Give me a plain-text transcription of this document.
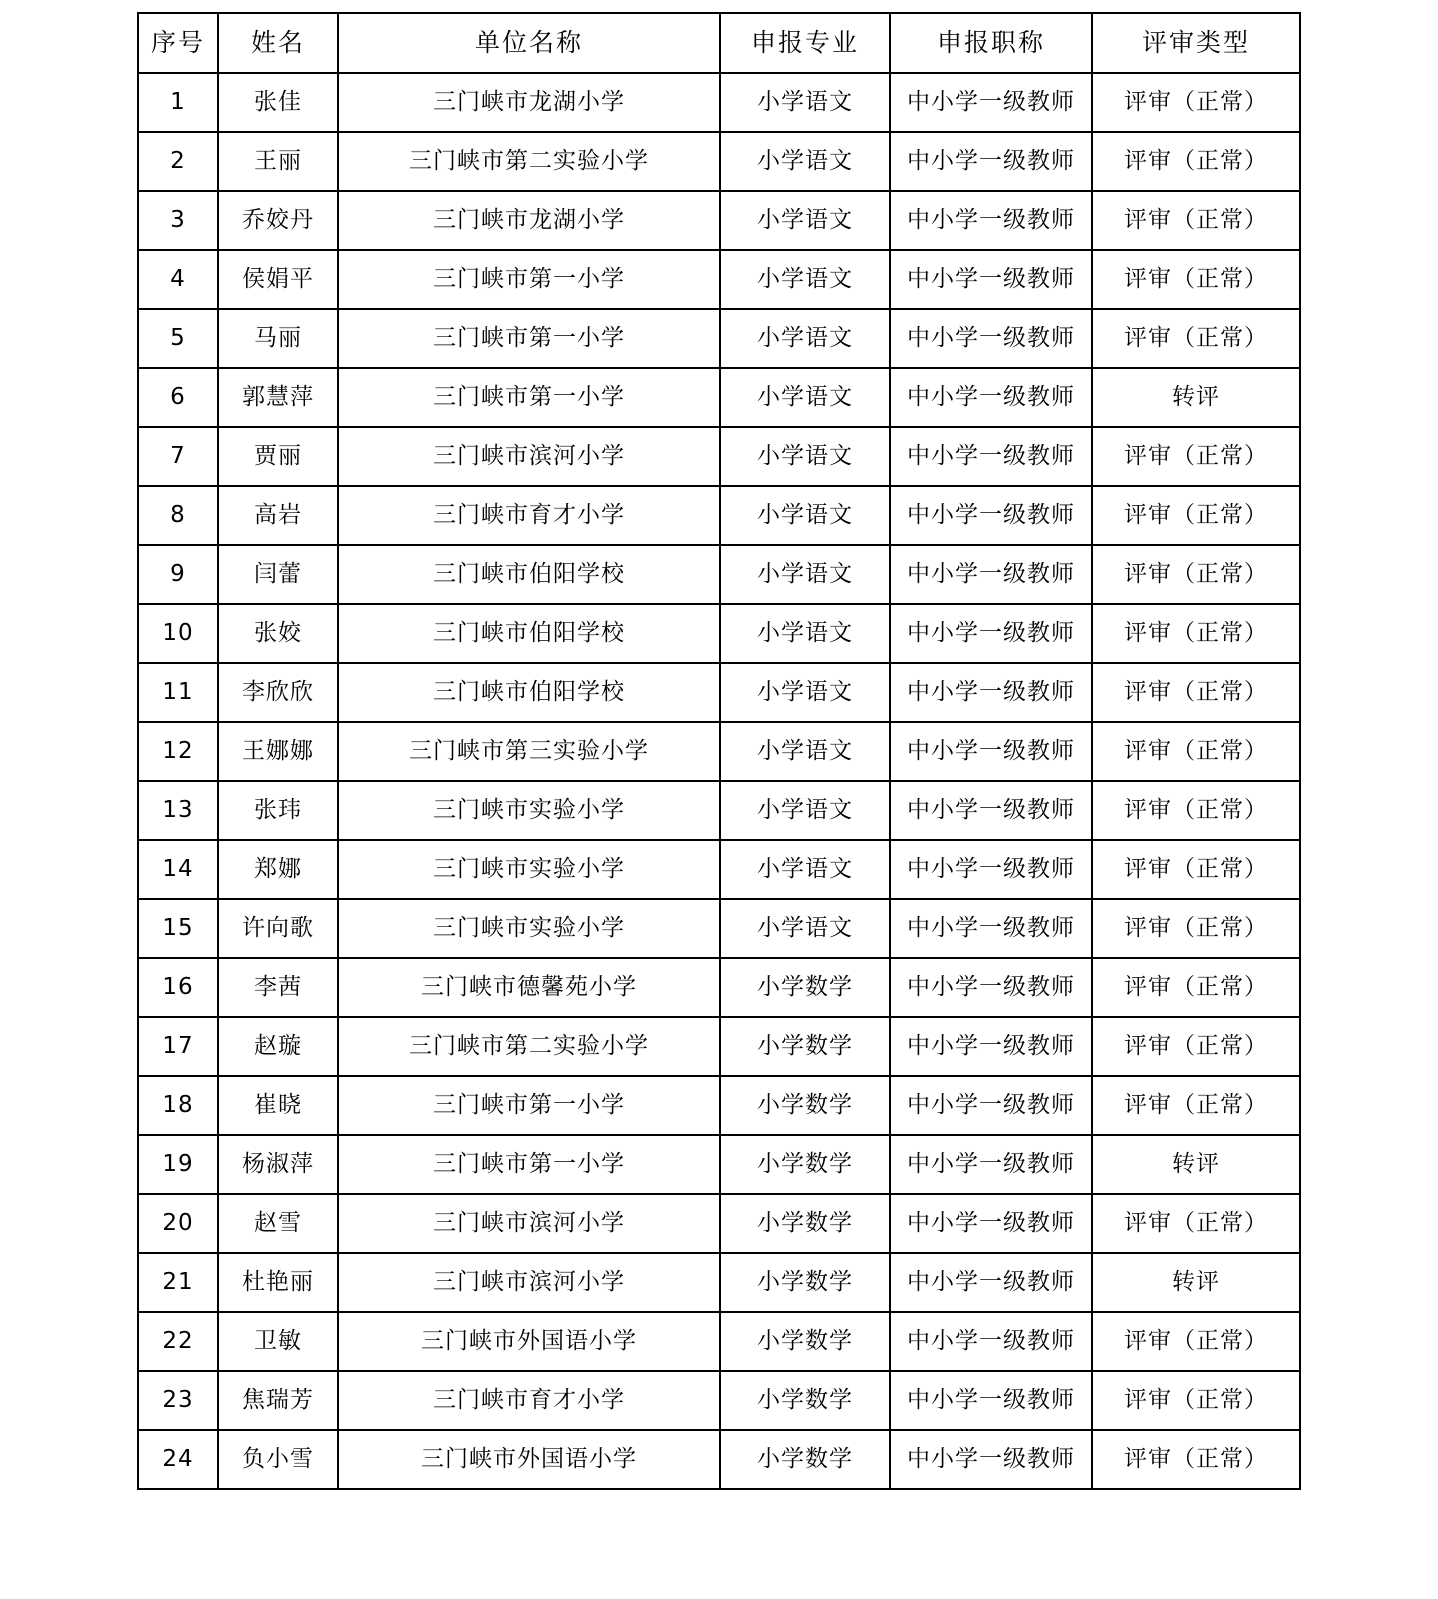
序号	姓名	单位名称	申报专业	申报职称	评审类型
1	张佳	三门峡市龙湖小学	小学语文	中小学一级教师	评审（正常）
2	王丽	三门峡市第二实验小学	小学语文	中小学一级教师	评审（正常）
3	乔姣丹	三门峡市龙湖小学	小学语文	中小学一级教师	评审（正常）
4	侯娟平	三门峡市第一小学	小学语文	中小学一级教师	评审（正常）
5	马丽	三门峡市第一小学	小学语文	中小学一级教师	评审（正常）
6	郭慧萍	三门峡市第一小学	小学语文	中小学一级教师	转评
7	贾丽	三门峡市滨河小学	小学语文	中小学一级教师	评审（正常）
8	高岩	三门峡市育才小学	小学语文	中小学一级教师	评审（正常）
9	闫蕾	三门峡市伯阳学校	小学语文	中小学一级教师	评审（正常）
10	张姣	三门峡市伯阳学校	小学语文	中小学一级教师	评审（正常）
11	李欣欣	三门峡市伯阳学校	小学语文	中小学一级教师	评审（正常）
12	王娜娜	三门峡市第三实验小学	小学语文	中小学一级教师	评审（正常）
13	张玮	三门峡市实验小学	小学语文	中小学一级教师	评审（正常）
14	郑娜	三门峡市实验小学	小学语文	中小学一级教师	评审（正常）
15	许向歌	三门峡市实验小学	小学语文	中小学一级教师	评审（正常）
16	李茜	三门峡市德馨苑小学	小学数学	中小学一级教师	评审（正常）
17	赵璇	三门峡市第二实验小学	小学数学	中小学一级教师	评审（正常）
18	崔晓	三门峡市第一小学	小学数学	中小学一级教师	评审（正常）
19	杨淑萍	三门峡市第一小学	小学数学	中小学一级教师	转评
20	赵雪	三门峡市滨河小学	小学数学	中小学一级教师	评审（正常）
21	杜艳丽	三门峡市滨河小学	小学数学	中小学一级教师	转评
22	卫敏	三门峡市外国语小学	小学数学	中小学一级教师	评审（正常）
23	焦瑞芳	三门峡市育才小学	小学数学	中小学一级教师	评审（正常）
24	负小雪	三门峡市外国语小学	小学数学	中小学一级教师	评审（正常）
